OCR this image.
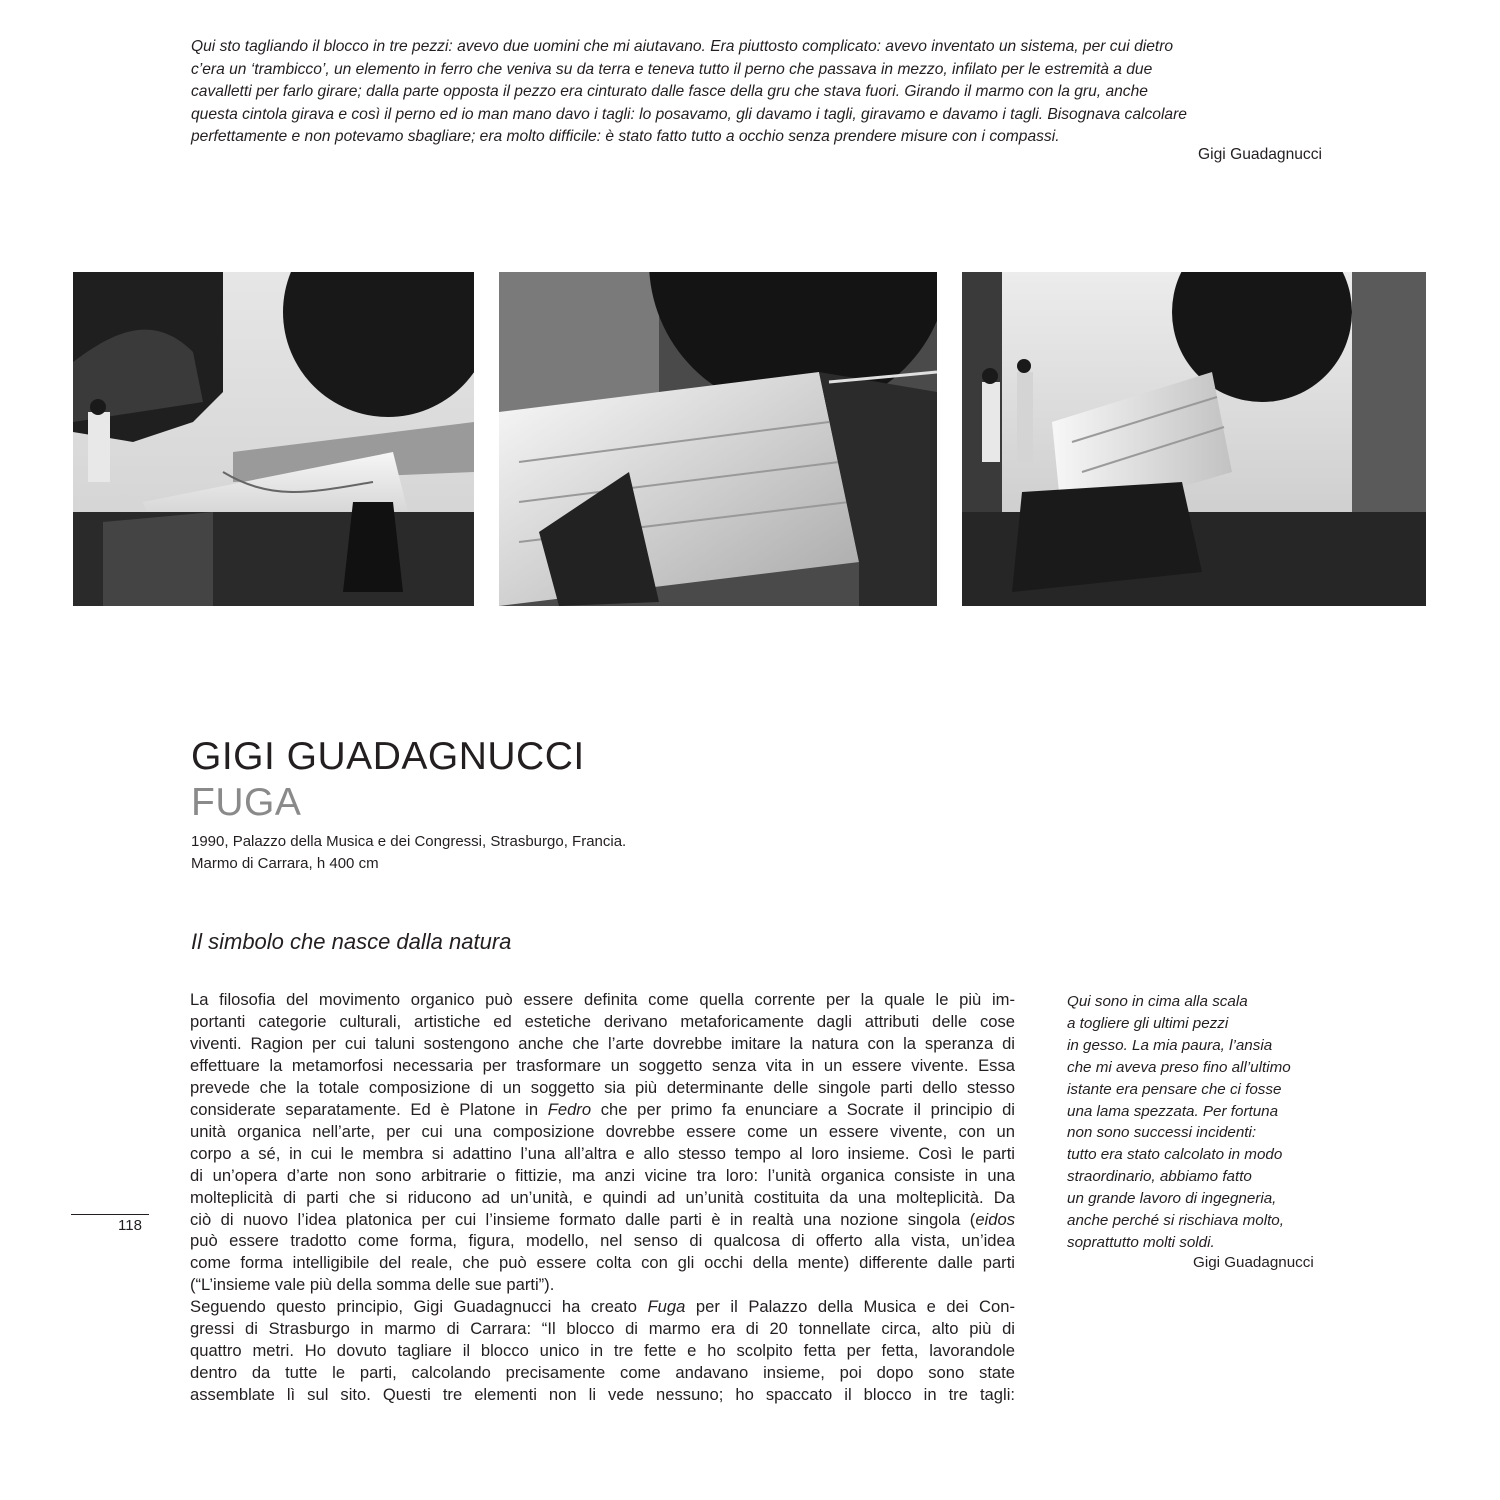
Qui sto tagliando il blocco in tre pezzi: avevo due uomini che mi aiutavano. Era piuttosto complicato: avevo inventato un sistema, per cui dietro
c’era un ‘trambicco’, un elemento in ferro che veniva su da terra e teneva tutto il perno che passava in mezzo, infilato per le estremità a due
cavalletti per farlo girare; dalla parte opposta il pezzo era cinturato dalle fasce della gru che stava fuori. Girando il marmo con la gru, anche
questa cintola girava e così il perno ed io man mano davo i tagli: lo posavamo, gli davamo i tagli, giravamo e davamo i tagli. Bisognava calcolare
perfettamente e non potevamo sbagliare; era molto difficile: è stato fatto tutto a occhio senza prendere misure con i compassi.
Gigi Guadagnucci
GIGI GUADAGNUCCI
FUGA
1990, Palazzo della Musica e dei Congressi, Strasburgo, Francia.
Marmo di Carrara, h 400 cm
Il simbolo che nasce dalla natura
La filosofia del movimento organico può essere definita come quella corrente per la quale le più im-
portanti categorie culturali, artistiche ed estetiche derivano metaforicamente dagli attributi delle cose
viventi. Ragion per cui taluni sostengono anche che l’arte dovrebbe imitare la natura con la speranza di
effettuare la metamorfosi necessaria per trasformare un soggetto senza vita in un essere vivente. Essa
prevede che la totale composizione di un soggetto sia più determinante delle singole parti dello stesso
considerate separatamente. Ed è Platone in Fedro che per primo fa enunciare a Socrate il principio di
unità organica nell’arte, per cui una composizione dovrebbe essere come un essere vivente, con un
corpo a sé, in cui le membra si adattino l’una all’altra e allo stesso tempo al loro insieme. Così le parti
di un’opera d’arte non sono arbitrarie o fittizie, ma anzi vicine tra loro: l’unità organica consiste in una
molteplicità di parti che si riducono ad un’unità, e quindi ad un’unità costituita da una molteplicità. Da
ciò di nuovo l’idea platonica per cui l’insieme formato dalle parti è in realtà una nozione singola (eidos
può essere tradotto come forma, figura, modello, nel senso di qualcosa di offerto alla vista, un’idea
come forma intelligibile del reale, che può essere colta con gli occhi della mente) differente dalle parti
(“L’insieme vale più della somma delle sue parti”).
Seguendo questo principio, Gigi Guadagnucci ha creato Fuga per il Palazzo della Musica e dei Con-
gressi di Strasburgo in marmo di Carrara: “Il blocco di marmo era di 20 tonnellate circa, alto più di
quattro metri. Ho dovuto tagliare il blocco unico in tre fette e ho scolpito fetta per fetta, lavorandole
dentro da tutte le parti, calcolando precisamente come andavano insieme, poi dopo sono state
assemblate lì sul sito. Questi tre elementi non li vede nessuno; ho spaccato il blocco in tre tagli:
118
Qui sono in cima alla scala
a togliere gli ultimi pezzi
in gesso. La mia paura, l’ansia
che mi aveva preso fino all’ultimo
istante era pensare che ci fosse
una lama spezzata. Per fortuna
non sono successi incidenti:
tutto era stato calcolato in modo
straordinario, abbiamo fatto
un grande lavoro di ingegneria,
anche perché si rischiava molto,
soprattutto molti soldi.
Gigi Guadagnucci
